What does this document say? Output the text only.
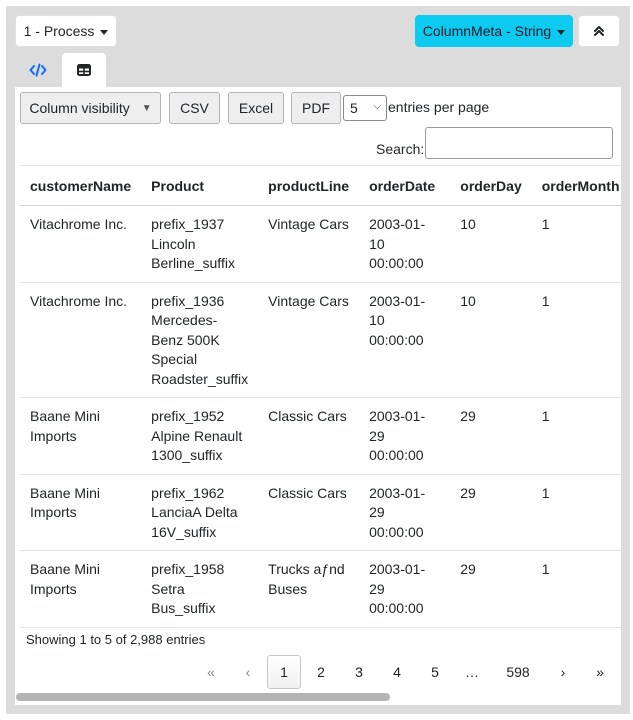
1 - Process	ColumnMeta - String
Column visibility ▼	CSV	Excel	PDF	5 ⌵ entries per page
Search:
customerName	Product	productLine	orderDate	orderDay	orderMonth
Vitachrome Inc.	prefix_1937 Lincoln Berline_suffix	Vintage Cars	2003-01-10 00:00:00	10	1
Vitachrome Inc.	prefix_1936 Mercedes-Benz 500K Special Roadster_suffix	Vintage Cars	2003-01-10 00:00:00	10	1
Baane Mini Imports	prefix_1952 Alpine Renault 1300_suffix	Classic Cars	2003-01-29 00:00:00	29	1
Baane Mini Imports	prefix_1962 LanciaA Delta 16V_suffix	Classic Cars	2003-01-29 00:00:00	29	1
Baane Mini Imports	prefix_1958 Setra Bus_suffix	Trucks aƒnd Buses	2003-01-29 00:00:00	29	1
Showing 1 to 5 of 2,988 entries
«	‹	1	2	3	4	5	…	598	›	»
